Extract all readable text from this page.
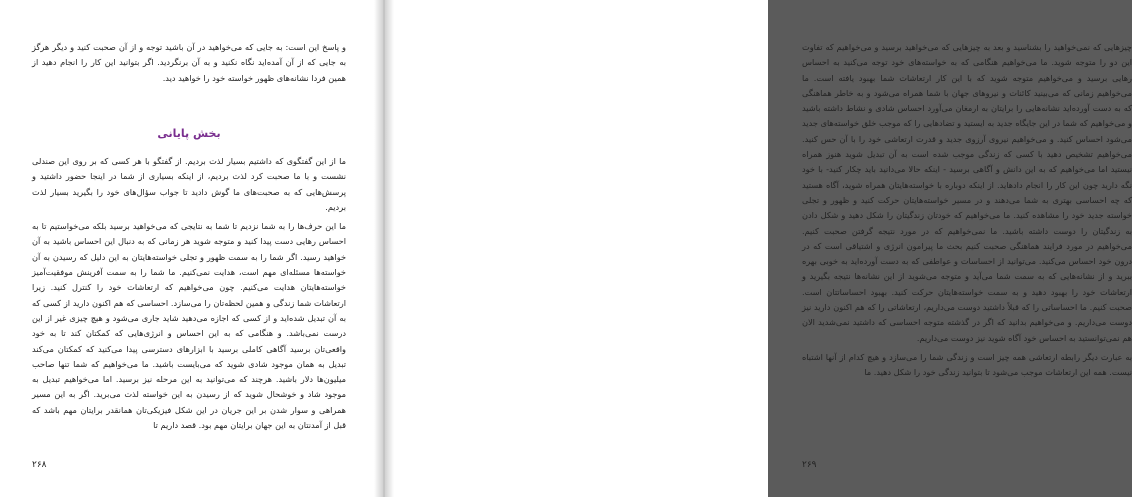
و پاسخ این است: به جایی که می‌خواهید در آن باشید توجه و از آن صحبت کنید و دیگر هرگز به جایی که از آن آمده‌اید نگاه نکنید و به آن برنگردید. اگر بتوانید این کار را انجام دهید از همین فردا نشانه‌های ظهور خواسته خود را خواهید دید.

بخش پایانی

ما از این گفتگوی که داشتیم بسیار لذت بردیم. از گفتگو با هر کسی که بر روی این صندلی نشست و با ما صحبت کرد لذت بردیم، از اینکه بسیاری از شما در اینجا حضور داشتید و پرسش‌هایی که به صحبت‌های ما گوش دادید تا جواب سؤال‌های خود را بگیرید بسیار لذت بردیم.

ما این حرف‌ها را به شما نزدیم تا شما به نتایجی که می‌خواهید برسید بلکه می‌خواستیم تا به احساس رهایی دست پیدا کنید و متوجه شوید هر زمانی که به دنبال این احساس باشید به آن خواهید رسید. اگر شما را به سمت ظهور و تجلی خواسته‌هایتان به این دلیل که رسیدن به آن خواسته‌ها مسئله‌ای مهم است، هدایت نمی‌کنیم. ما شما را به سمت آفرینش موفقیت‌آمیز خواسته‌هایتان هدایت می‌کنیم. چون می‌خواهیم که ارتعاشات خود را کنترل کنید. زیرا ارتعاشات شما زندگی و همین لحظه‌تان را می‌سازد. احساسی که هم اکنون دارید از کسی که به آن تبدیل شده‌اید و از کسی که اجازه می‌دهید شاید جاری می‌شود و هیچ چیزی غیر از این درست نمی‌باشد. و هنگامی که به این احساس و انرژی‌هایی که کمکتان کند تا به خود واقعی‌تان برسید آگاهی کاملی برسید با ابزارهای دسترسی پیدا می‌کنید که کمکتان می‌کند تبدیل به همان موجود شادی شوید که می‌بایست باشید. ما می‌خواهیم که شما تنها صاحب میلیون‌ها دلار باشید. هرچند که می‌توانید به این مرحله نیز برسید. اما می‌خواهیم تبدیل به موجود شاد و خوشحال شوید که از رسیدن به این خواسته لذت می‌برید. اگر به این مسیر همراهی و سوار شدن بر این جریان در این شکل فیزیکی‌تان همانقدر برایتان مهم باشد که قبل از آمدنتان به این جهان برایتان مهم بود. قصد داریم تا

۲۶۸

چیزهایی که نمی‌خواهید را بشناسید و بعد به چیزهایی که می‌خواهید برسید و می‌خواهیم که تفاوت این دو را متوجه شوید. ما می‌خواهیم هنگامی که به خواسته‌های خود توجه می‌کنید به احساس رهایی برسید و می‌خواهیم متوجه شوید که با این کار ارتعاشات شما بهبود یافته است. ما می‌خواهیم زمانی که می‌بینید کائنات و نیروهای جهان با شما همراه می‌شود و به خاطر هماهنگی که به دست آورده‌اید نشانه‌هایی را برایتان به ارمغان می‌آورد احساس شادی و نشاط داشته باشید و می‌خواهیم که شما در این جایگاه جدید به ایستید و تضادهایی را که موجب خلق خواسته‌های جدید می‌شود احساس کنید. و می‌خواهیم نیروی آرزوی جدید و قدرت ارتعاشی خود را با آن حس کنید. می‌خواهیم تشخیص دهید با کسی که زندگی موجب شده است به آن تبدیل شوید هنوز همراه نیستید اما می‌خواهیم که به این دانش و آگاهی برسید - اینکه حالا می‌دانید باید چکار کنید- با خود نگه دارید چون این کار را انجام دادهاید. از اینکه دوباره با خواسته‌هایتان همراه شوید، آگاه هستید که چه احساسی بهتری به شما می‌دهند و در مسیر خواسته‌هایتان حرکت کنید و ظهور و تجلی خواسته جدید خود را مشاهده کنید. ما می‌خواهیم که خودتان زندگیتان را شکل دهید و شکل دادن به زندگیتان را دوست داشته باشید. ما نمی‌خواهیم که در مورد نتیجه گرفتن صحبت کنیم. می‌خواهیم در مورد فرایند هماهنگی صحبت کنیم بحث ما پیرامون انرژی و اشتیاقی است که در درون خود احساس می‌کنید. می‌توانید از احساسات و عواطفی که به دست آورده‌اید به خوبی بهره ببرید و از نشانه‌هایی که به سمت شما می‌آید و متوجه می‌شوید از این نشانه‌ها نتیجه بگیرید و ارتعاشات خود را بهبود دهید و به سمت خواسته‌هایتان حرکت کنید. بهبود احساساتتان است. صحبت کنیم. ما احساساتی را که قبلاً داشتید دوست می‌داریم، ارتعاشاتی را که هم اکنون دارید نیز دوست می‌داریم. و می‌خواهیم بدانید که اگر در گذشته متوجه احساسی که داشتید نمی‌شدید الان هم نمی‌توانستید به احساس خود آگاه شوید نیز دوست می‌داریم.

به عبارت دیگر رابطه ارتعاشی همه چیز است و زندگی شما را می‌سازد و هیچ کدام از آنها اشتباه نیست. همه این ارتعاشات موجب می‌شود تا بتوانید زندگی خود را شکل دهید. ما

۲۶۹
